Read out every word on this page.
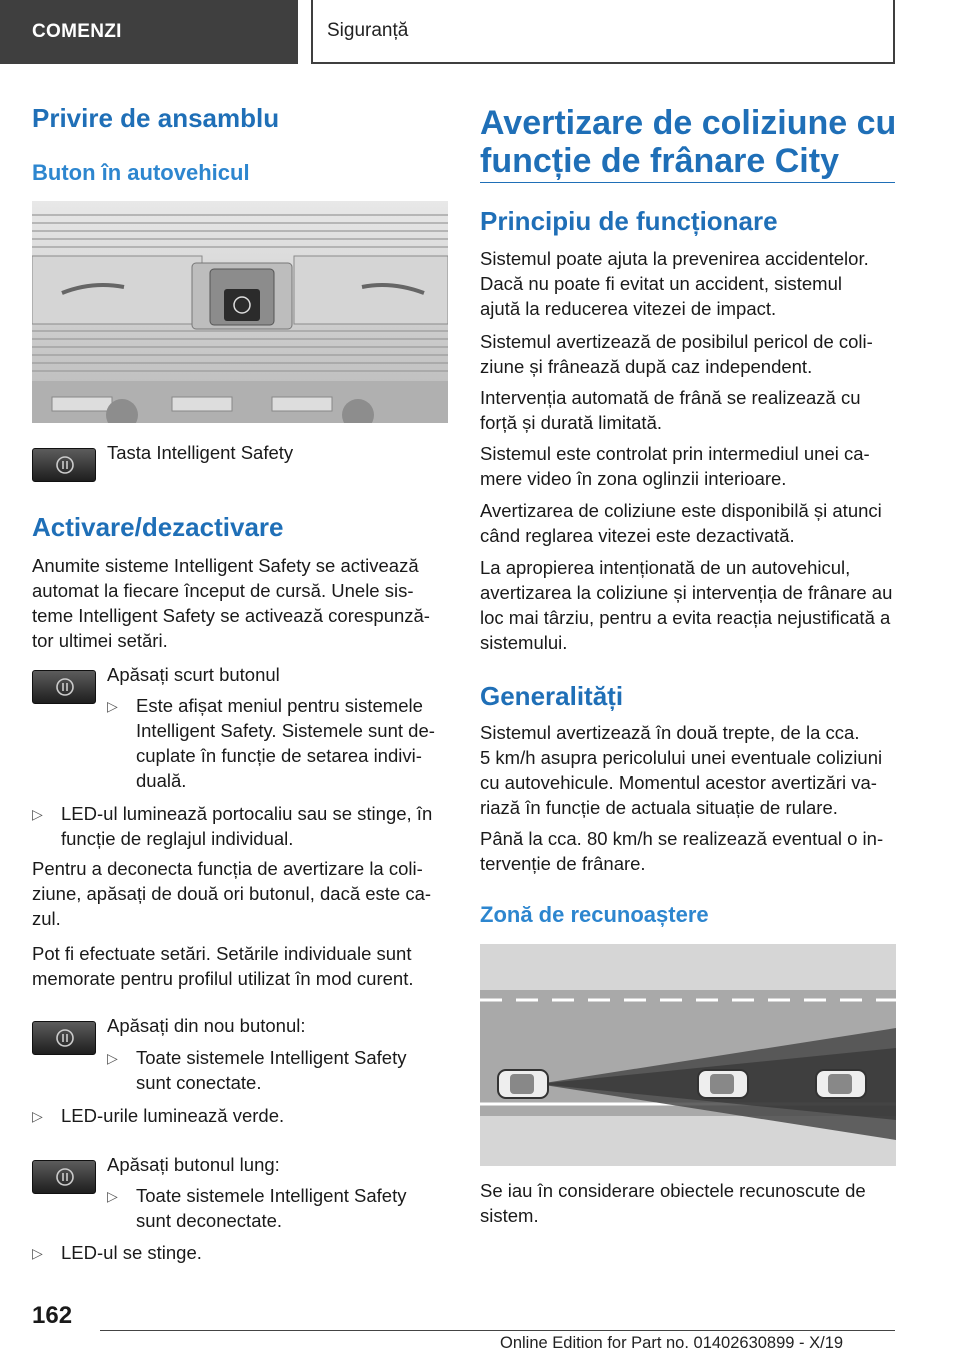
COMENZI	Siguranță
Privire de ansamblu
Buton în autovehicul
Tasta Intelligent Safety
Activare/dezactivare
Anumite sisteme Intelligent Safety se activează
automat la fiecare început de cursă. Unele sis-
teme Intelligent Safety se activează corespunză-
tor ultimei setări.
Apăsați scurt butonul
▷ Este afișat meniul pentru sistemele
Intelligent Safety. Sistemele sunt de-
cuplate în funcție de setarea indivi-
duală.
▷ LED-ul luminează portocaliu sau se stinge, în
funcție de reglajul individual.
Pentru a deconecta funcția de avertizare la coli-
ziune, apăsați de două ori butonul, dacă este ca-
zul.
Pot fi efectuate setări. Setările individuale sunt
memorate pentru profilul utilizat în mod curent.
Apăsați din nou butonul:
▷ Toate sistemele Intelligent Safety
sunt conectate.
▷ LED-urile luminează verde.
Apăsați butonul lung:
▷ Toate sistemele Intelligent Safety
sunt deconectate.
▷ LED-ul se stinge.
Avertizare de coliziune cu
funcție de frânare City
Principiu de funcționare
Sistemul poate ajuta la prevenirea accidentelor.
Dacă nu poate fi evitat un accident, sistemul
ajută la reducerea vitezei de impact.
Sistemul avertizează de posibilul pericol de coli-
ziune și frânează după caz independent.
Intervenția automată de frână se realizează cu
forță și durată limitată.
Sistemul este controlat prin intermediul unei ca-
mere video în zona oglinzii interioare.
Avertizarea de coliziune este disponibilă și atunci
când reglarea vitezei este dezactivată.
La apropierea intenționată de un autovehicul,
avertizarea la coliziune și intervenția de frânare au
loc mai târziu, pentru a evita reacția nejustificată a
sistemului.
Generalități
Sistemul avertizează în două trepte, de la cca.
5 km/h asupra pericolului unei eventuale coliziuni
cu autovehicule. Momentul acestor avertizări va-
riază în funcție de actuala situație de rulare.
Până la cca. 80 km/h se realizează eventual o in-
tervenție de frânare.
Zonă de recunoaștere
Se iau în considerare obiectele recunoscute de
sistem.
162
Online Edition for Part no. 01402630899 - X/19
